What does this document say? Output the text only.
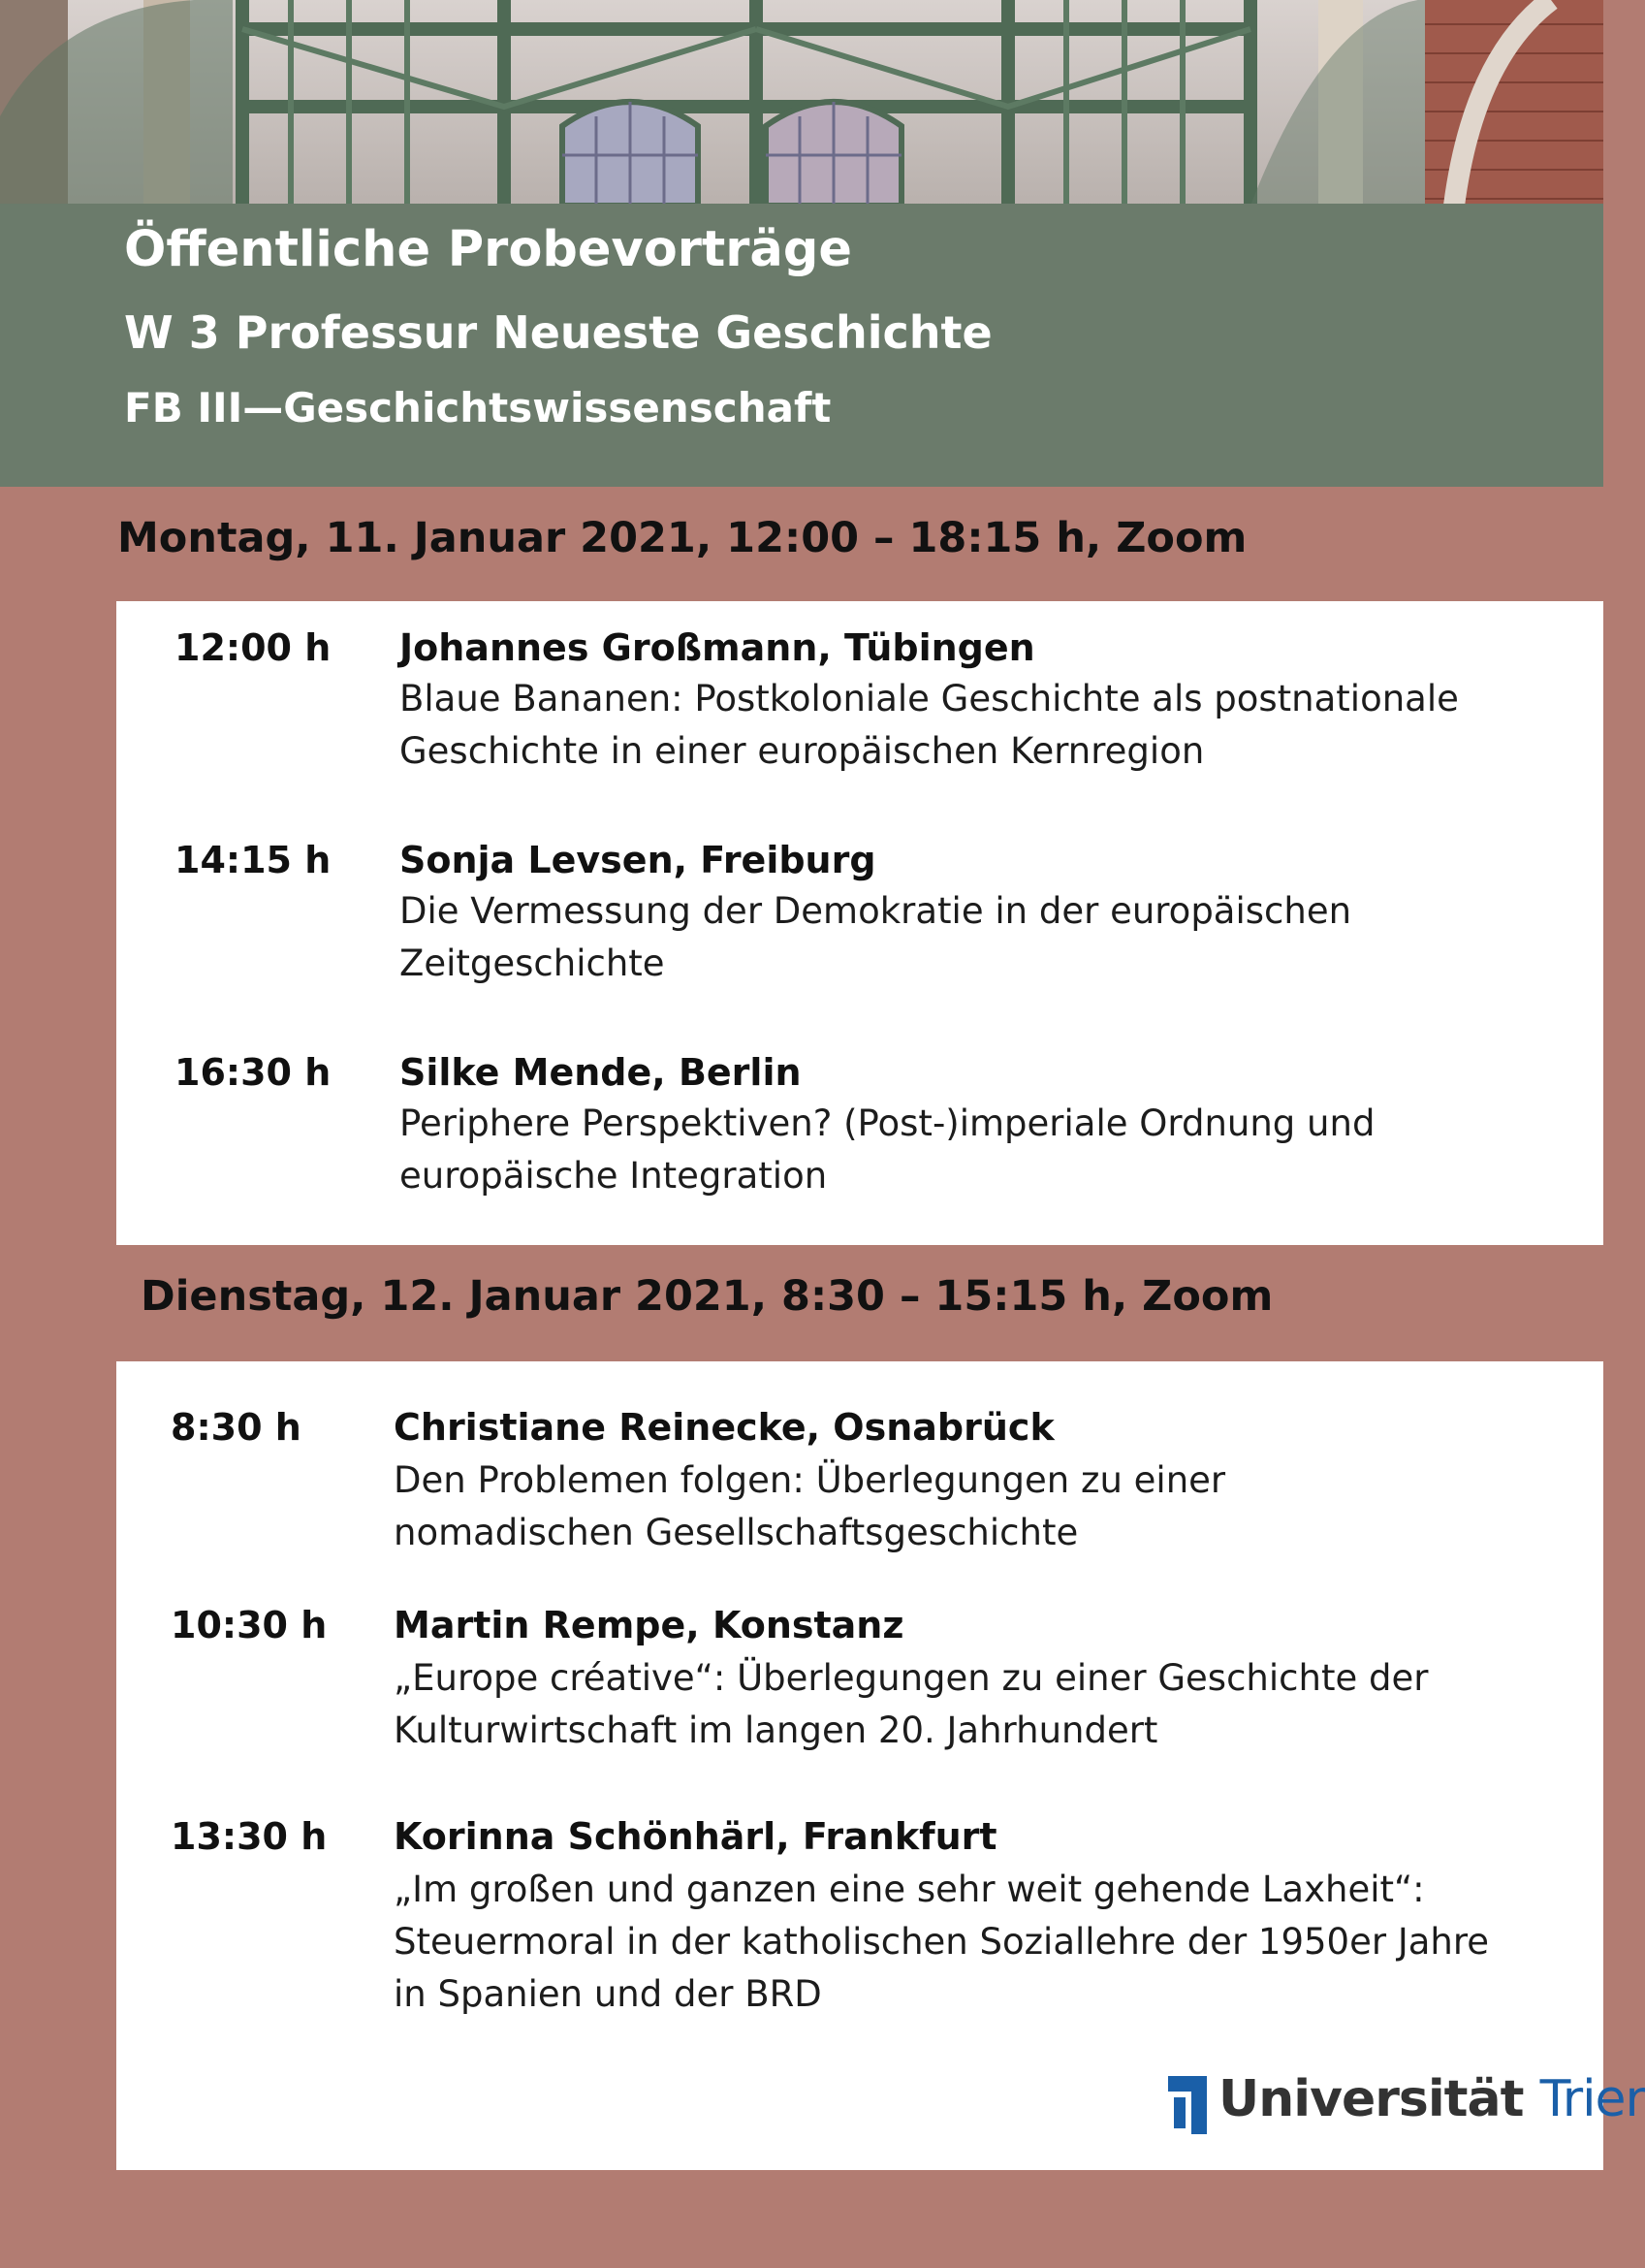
Öffentliche Probevorträge
W 3 Professur Neueste Geschichte
FB III—Geschichtswissenschaft

Montag, 11. Januar 2021, 12:00 – 18:15 h, Zoom

12:00 h Johannes Großmann, Tübingen
Blaue Bananen: Postkoloniale Geschichte als postnationale
Geschichte in einer europäischen Kernregion
14:15 h Sonja Levsen, Freiburg
Die Vermessung der Demokratie in der europäischen
Zeitgeschichte
16:30 h Silke Mende, Berlin
Periphere Perspektiven? (Post-)imperiale Ordnung und
europäische Integration

Dienstag, 12. Januar 2021, 8:30 – 15:15 h, Zoom

8:30 h	Christiane Reinecke, Osnabrück
Den Problemen folgen: Überlegungen zu einer
nomadischen Gesellschaftsgeschichte
10:30 h Martin Rempe, Konstanz
„Europe créative“: Überlegungen zu einer Geschichte der
Kulturwirtschaft im langen 20. Jahrhundert
13:30 h Korinna Schönhärl, Frankfurt
„Im großen und ganzen eine sehr weit gehende Laxheit“:
Steuermoral in der katholischen Soziallehre der 1950er Jahre
in Spanien und der BRD
Universität Trier
